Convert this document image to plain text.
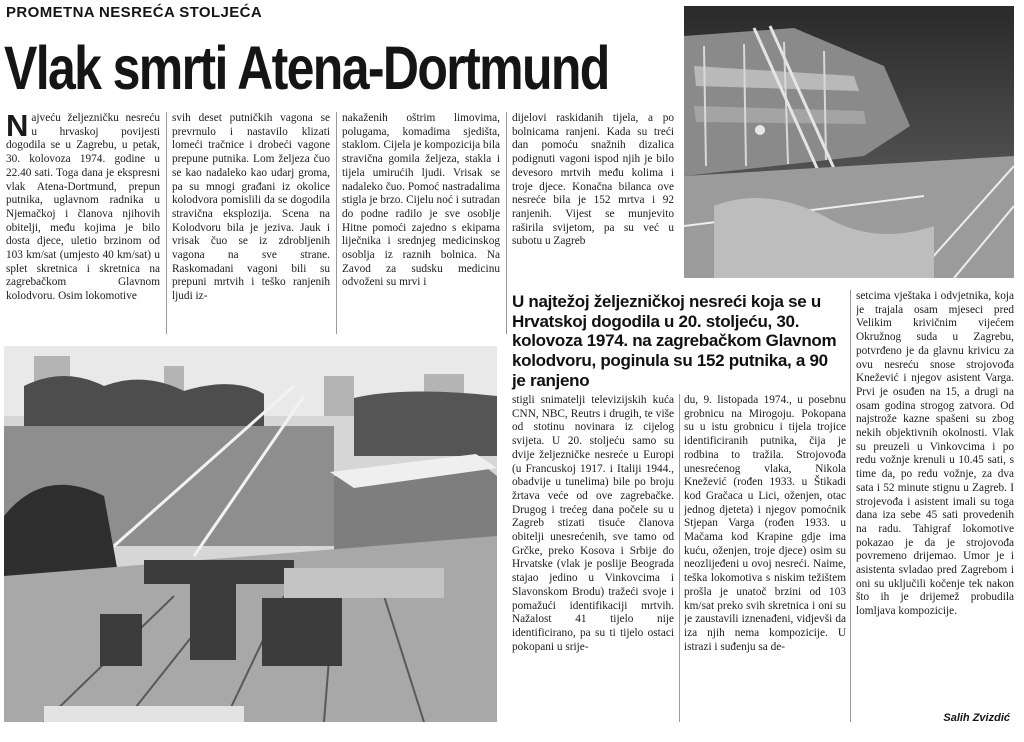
PROMETNA NESREĆA STOLJEĆA
Vlak smrti Atena-Dortmund

Najveću željezničku nesreću u hrvaskoj povijesti dogodila se u Zagrebu, u petak, 30. kolovoza 1974. godine u 22.40 sati. Toga dana je ekspresni vlak Atena-Dortmund, prepun putnika, uglavnom radnika u Njemačkoj i članova njihovih obitelji, među kojima je bilo dosta djece, uletio brzinom od 103 km/sat (umjesto 40 km/sat) u splet skretnica i skretnica na zagrebačkom Glavnom kolodvoru. Osim lokomotive

svih deset putničkih vagona se prevrnulo i nastavilo klizati lomeći tračnice i drobeći vagone prepune putnika. Lom željeza čuo se kao nadaleko kao udarj groma, pa su mnogi građani iz okolice kolodvora pomislili da se dogodila stravična eksplozija. Scena na Kolodvoru bila je jeziva. Jauk i vrisak čuo se iz zdrobljenih vagona na sve strane. Raskomadani vagoni bili su prepuni mrtvih i teško ranjenih ljudi iz-

nakaženih oštrim limovima, polugama, komadima sjedišta, staklom. Cijela je kompozicija bila stravična gomila željeza, stakla i tijela umirućih ljudi. Vrisak se nadaleko čuo. Pomoć nastradalima stigla je brzo. Cijelu noć i sutradan do podne radilo je sve osoblje Hitne pomoći zajedno s ekipama liječnika i srednjeg medicinskog osoblja iz raznih bolnica. Na Zavod za sudsku medicinu odvoženi su mrvi i

dijelovi raskidanih tijela, a po bolnicama ranjeni. Kada su treći dan pomoću snažnih dizalica podignuti vagoni ispod njih je bilo devesoro mrtvih među kolima i troje djece. Konačna bilanca ove nesreće bila je 152 mrtva i 92 ranjenih. Vijest se munjevito raširila svijetom, pa su već u subotu u Zagreb

U najtežoj željezničkoj nesreći koja se u Hrvatskoj dogodila u 20. stoljeću, 30. kolovoza 1974. na zagrebačkom Glavnom kolodvoru, poginula su 152 putnika, a 90 je ranjeno

stigli snimatelji televizijskih kuća CNN, NBC, Reutrs i drugih, te više od stotinu novinara iz cijelog svijeta. U 20. stoljeću samo su dvije željezničke nesreće u Europi (u Francuskoj 1917. i Italiji 1944., obadvije u tunelima) bile po broju žrtava veće od ove zagrebačke. Drugog i trećeg dana počele su u Zagreb stizati tisuće članova obitelji unesrećenih, sve tamo od Grčke, preko Kosova i Srbije do Hrvatske (vlak je poslije Beograda stajao jedino u Vinkovcima i Slavonskom Brodu) tražeći svoje i pomažući identifikaciji mrtvih. Nažalost 41 tijelo nije identificirano, pa su ti tijelo ostaci pokopani u srije-

du, 9. listopada 1974., u posebnu grobnicu na Mirogoju. Pokopana su u istu grobnicu i tijela trojice identificiranih putnika, čija je rodbina to tražila. Strojovođa unesrećenog vlaka, Nikola Knežević (rođen 1933. u Štikadi kod Gračaca u Lici, oženjen, otac jednog djeteta) i njegov pomoćnik Stjepan Varga (rođen 1933. u Mačama kod Krapine gdje ima kuću, oženjen, troje djece) osim su neozlijeđeni u ovoj nesreći. Naime, teška lokomotiva s niskim težištem prošla je unatoč brzini od 103 km/sat preko svih skretnica i oni su je zaustavili iznenađeni, vidjevši da iza njih nema kompozicije. U istrazi i suđenju sa de-

setcima vještaka i odvjetnika, koja je trajala osam mjeseci pred Velikim krivičnim vijećem Okružnog suda u Zagrebu, potvrđeno je da glavnu krivicu za ovu nesreću snose strojovođa Knežević i njegov asistent Varga. Prvi je osuđen na 15, a drugi na osam godina strogog zatvora. Od najstrože kazne spašeni su zbog nekih objektivnih okolnosti. Vlak su preuzeli u Vinkovcima i po redu vožnje krenuli u 10.45 sati, s time da, po redu vožnje, za dva sata i 52 minute stignu u Zagreb. I strojevođa i asistent imali su toga dana iza sebe 45 sati provedenih na radu. Tahigraf lokomotive pokazao je da je strojovođa povremeno drijemao. Umor je i asistenta svladao pred Zagrebom i oni su uključili kočenje tek nakon što ih je drijemež probudila lomljava kompozicije.

Salih Zvizdić
